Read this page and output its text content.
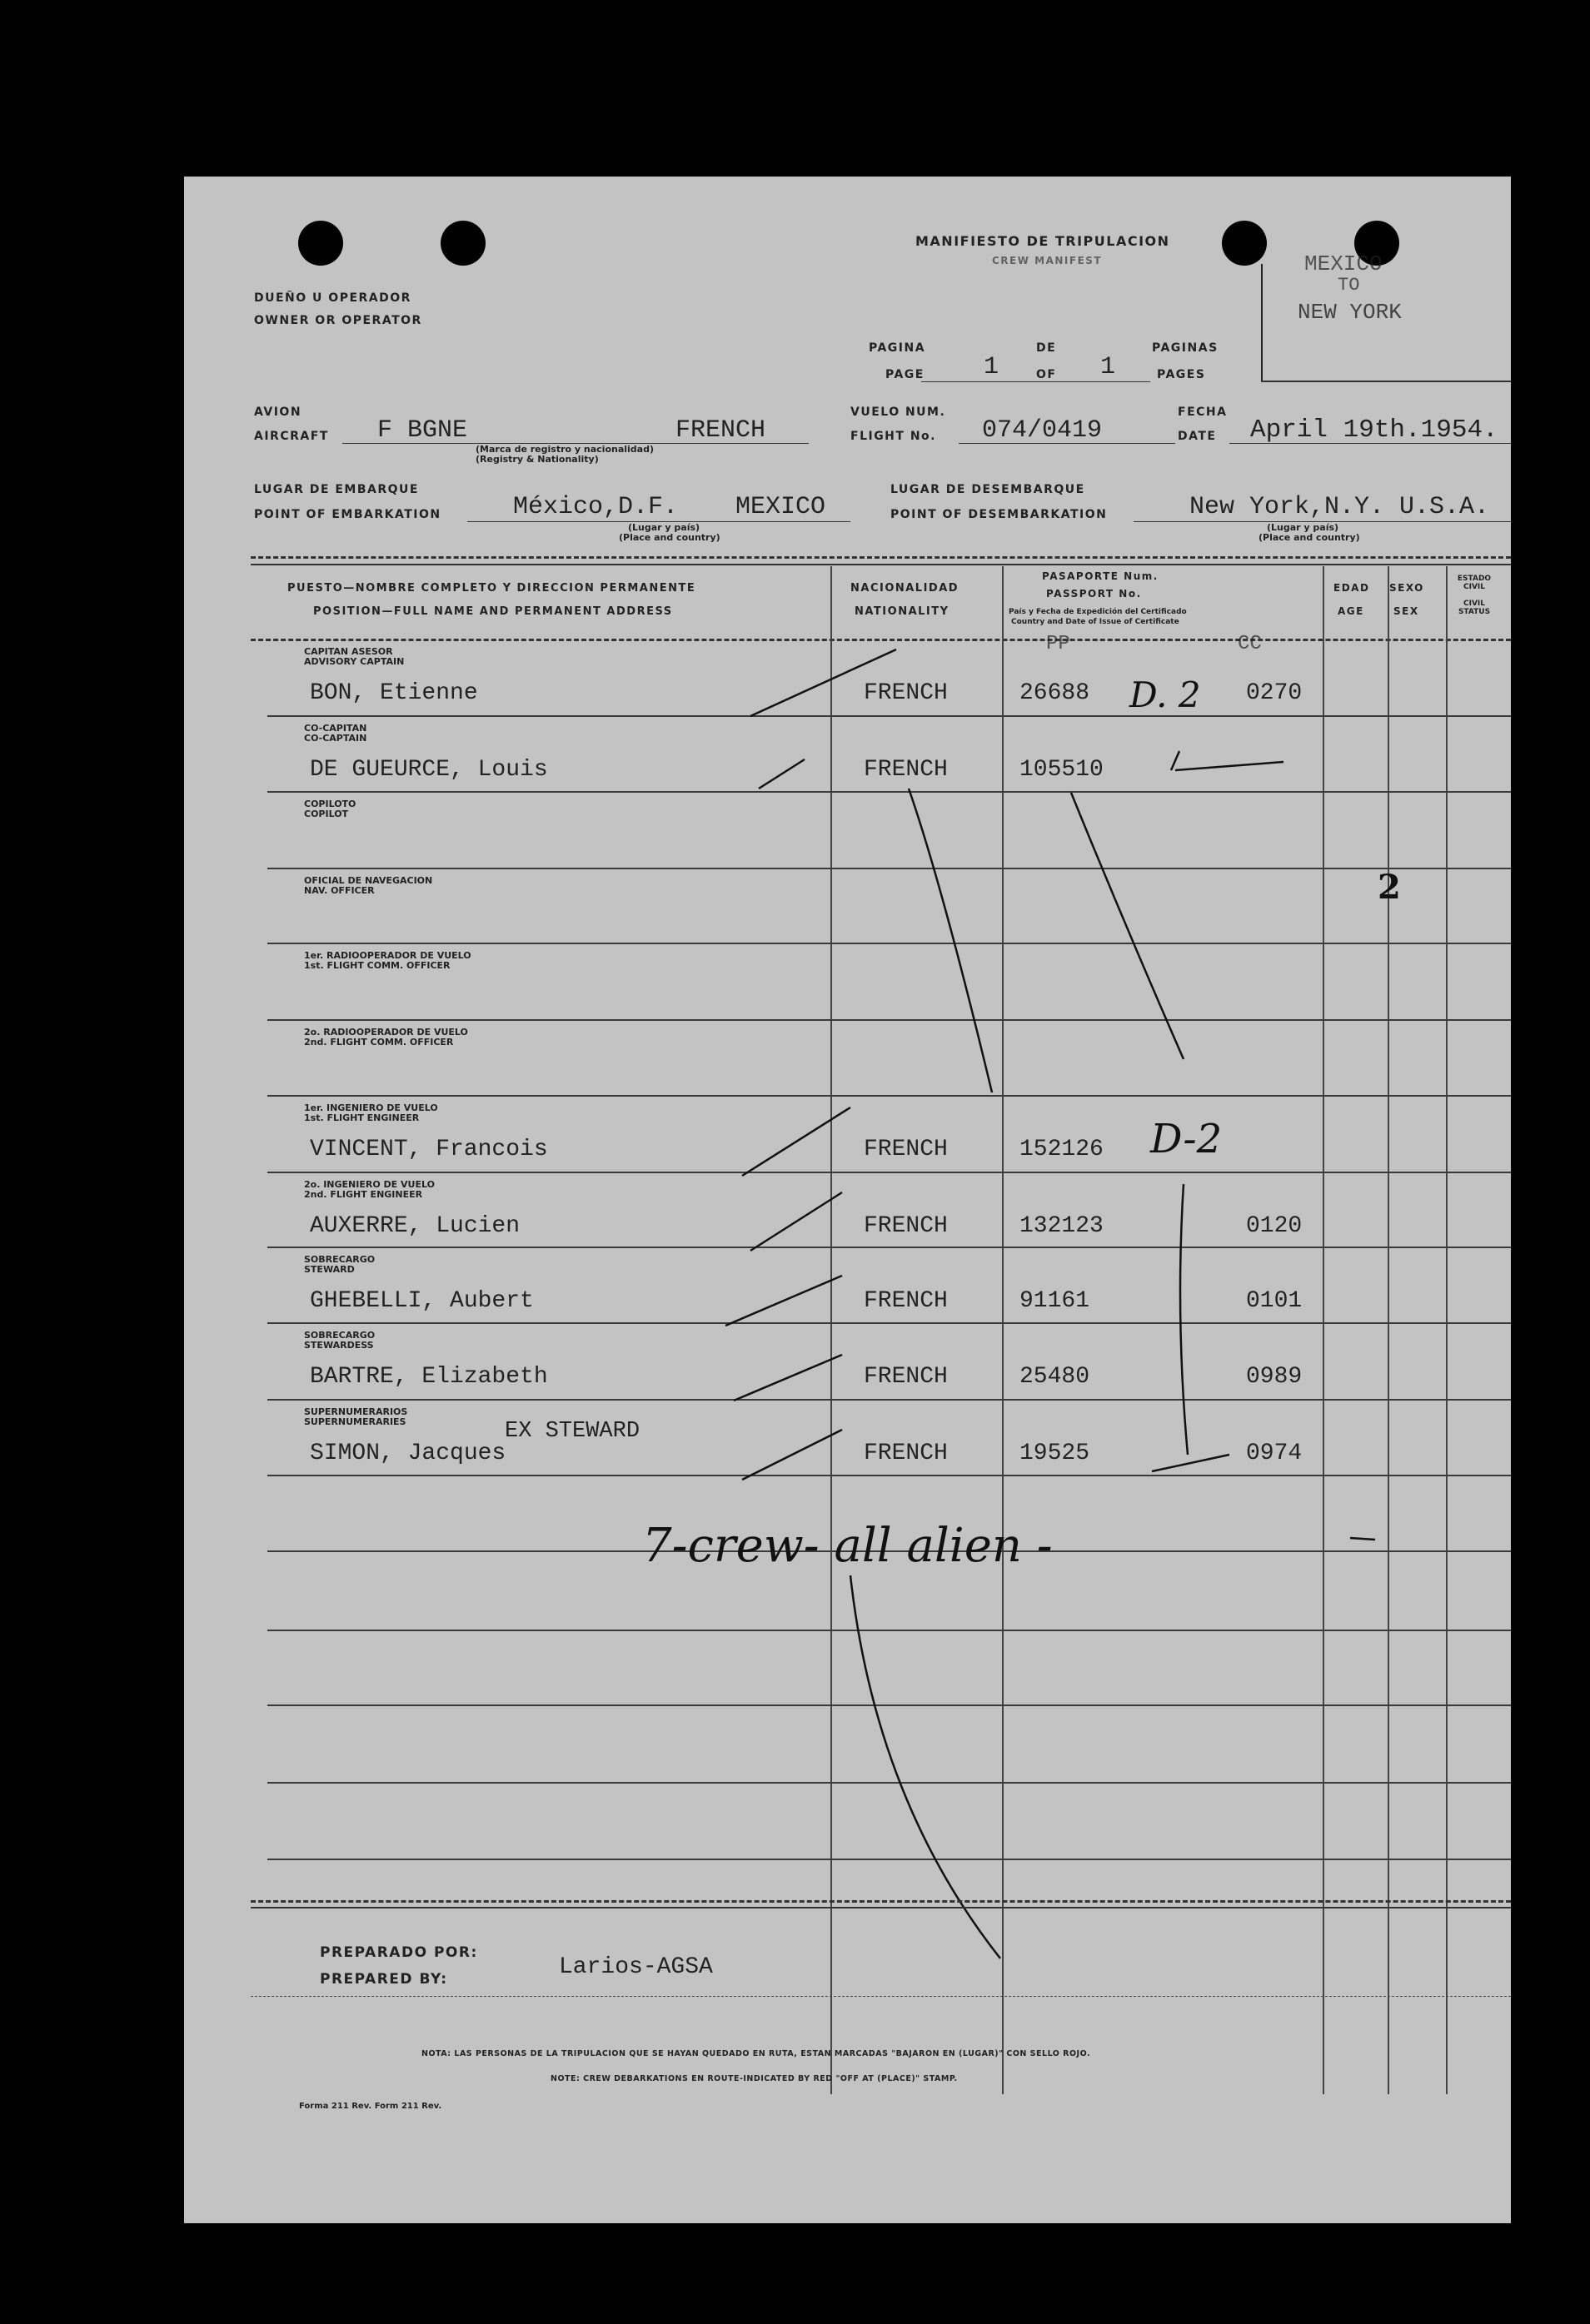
MANIFIESTO DE TRIPULACION
CREW MANIFEST	MEXICO
TO
NEW YORK
DUEÑO U OPERADOR
OWNER OR OPERATOR
PAGINA	DE	PAGINAS
PAGE	OF	PAGES
1	1
AVION
AIRCRAFT F BGNE	FRENCH
(Marca de registro y nacionalidad)
(Registry & Nationality)
VUELO NUM.
FLIGHT No. 074/0419
FECHA
DATE April 19th.1954.
LUGAR DE EMBARQUE
POINT OF EMBARKATION	México,D.F. MEXICO
(Lugar y país)
(Place and country)
LUGAR DE DESEMBARQUE
POINT OF DESEMBARKATION	New York,N.Y. U.S.A.
(Lugar y país)
(Place and country)
PUESTO—NOMBRE COMPLETO Y DIRECCION PERMANENTE
POSITION—FULL NAME AND PERMANENT ADDRESS
NACIONALIDAD
NATIONALITY
PASAPORTE Num.
PASSPORT No.
País y Fecha de Expedición del Certificado
Country and Date of Issue of Certificate
EDAD
AGE
SEXO
SEX
ESTADO CIVIL
CIVIL STATUS
CAPITAN ASESOR
ADVISORY CAPTAIN
BON, Etienne	FRENCH	26688	0270
CO-CAPITAN
CO-CAPTAIN
DE GUEURCE, Louis	FRENCH	105510
COPILOTO
COPILOT
OFICIAL DE NAVEGACION
NAV. OFFICER
1er. RADIOOPERADOR DE VUELO
1st. FLIGHT COMM. OFFICER
2o. RADIOOPERADOR DE VUELO
2nd. FLIGHT COMM. OFFICER
1er. INGENIERO DE VUELO
1st. FLIGHT ENGINEER
VINCENT, Francois	FRENCH	152126
2o. INGENIERO DE VUELO
2nd. FLIGHT ENGINEER
AUXERRE, Lucien	FRENCH	132123	0120
SOBRECARGO
STEWARD
GHEBELLI, Aubert	FRENCH	91161	0101
SOBRECARGO
STEWARDESS
BARTRE, Elizabeth	FRENCH	25480	0989
SUPERNUMERARIOS
SUPERNUMERARIES
SIMON, Jacques	FRENCH	19525	0974
EX STEWARD
PP	CC
D. 2
2
D-2
7-crew- all alien -
PREPARADO POR:
PREPARED BY:	Larios-AGSA
NOTA: LAS PERSONAS DE LA TRIPULACION QUE SE HAYAN QUEDADO EN RUTA, ESTAN MARCADAS "BAJARON EN (LUGAR)" CON SELLO ROJO.
NOTE: CREW DEBARKATIONS EN ROUTE-INDICATED BY RED "OFF AT (PLACE)" STAMP.
Forma 211 Rev. Form 211 Rev.
